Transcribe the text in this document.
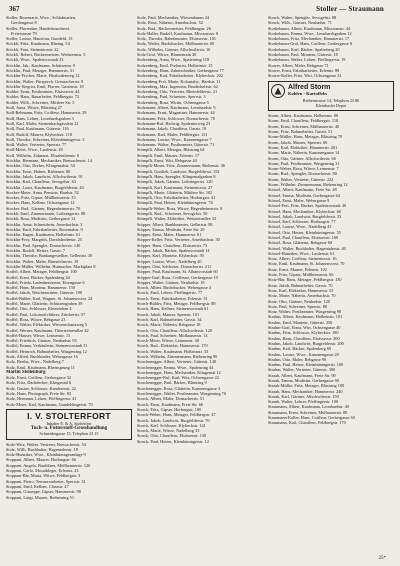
367	Stoller — Straumann

Stoller, Rosemarie, Wwe., Schlafmatten,

Greifengasse 8

Stoller, Florentine, Handelsmacherei,

Freiestrasse 79

Stoller, Louise, Hausfrau, Gundeld. 13

Stöckli, Fritz, Kaufmann, Rheing. 54

Stöckli, Frau, Steinentorstr. 22

Stöckli, Robert, Bäckermeister, Wettsteinstr. 5

Stöckli, Wwe., Spalenvorstadt 33

Stöcklin, Jak., Kaufmann, Schützenm. 9

Stöcklin, Paul, Metzger, Hammerstr. 31

Stöcklin-Fischer, Marie, Hirzbodenweg 12

Stöcklin, Walter, Fürsprech, Grenzacherstr. 9

Stöcklin-Siegrist, Emil, Pfarrer, Gartenstr. 18

Stohler, Ernst, Postbeamter, Elsässerstr. 44

Stohler, Hans, Bauarbeiter, Feldbergstr. 72

Stohler, Wilh., Schreiner, Mittlere Str. 5

Stoll, Anna, Witwe, Bläsiring 27

Stoll-Rebmann, Fritz, Coiffeur, Hammerstr. 29

Stoll, Hans, Lehrer, Leonhardsgraben 3

Stoll, Karl, Maler, Steinenbachgässlein 21

Stoll, Paul, Kaufmann, Güterstr. 116

Stoll, Rudolf, Maurer, Klybeckstr. 118

Stoll, Theodor, Schreiner, Kleinhüningerstr. 3

Stoll, Walter, Vertreter, Sperrstr. 77

Stoll-Meier, Wwe., Laufenstr. 28

Stoll, Wilhelm, Zahnarzt, Elisabethenstr. 6

Stöcklin, Hermann, Mechaniker, Breisacherstr. 14

Stöcklin, Otto, Dreher, Klingentalstr. 54

Stöcklin, Ernst, Hafner, Riehenstr. 80

Stöcklin, Jakob, Landwirt, Allschwilerstr. 91

Stöcklin, Karl, Chauffeur, Sevogelstr. 63

Stöcklin, Louis, Kaufmann, Burgfelderstr. 40

Stocker-Meier, Anna, Pension, Hardstr. 52

Stocker, Fritz, Gipser, Müllheimerstr. 35

Stocker, Hans, Kellner, Ochsengasse 12

Stocker, Rud., Gärtner, Hegenheimerstr. 70

Stöckli, Emil, Zimmermann, Lothringerstr. 88

Stöckli, Rosa, Modistin, Gerbergasse 14

Stöcklin, Anna, Schneiderin, Amerbachstr. 3

Stöcklin, Emil, Fabrikarbeiter, Rosentalstr. 9

Stöcklin, Eugen, Kaufmann, Holbeinstr. 61

Stöcklin-Frey, Margrith, Davidsbodenstr. 25

Stöcklin, Paul, Spengler, Dornacherstr. 140

Stöcklin, Rudolf, Heizer, Gasstr. 7

Stöcklin, Theodor, Bankangestellter, Gellertstr. 30

Stöcklin, Walter, Maler, Bärenfelserstr. 19

Stöcklin-Müller, Wilhelm, Hutmacher, Marktplatz 8

Stoffel, Albert, Metzger, Feldbergstr. 100

Stoffel, Ernst, Bäcker, Spalenberg 44

Stoffel, Frieda, Ladenbesitzerin, Eisengasse 6

Stoffel, Hans, Monteur, Hammerstr. 150

Stoffel, Jakob, Weichenwärter, Güterstr. 190

Stoffel-Bühler, Karl, Wagner, St. Johannsvorst. 24

Stoffel, Marie, Glätterin, Schützengraben 39

Stoffel, Otto, Schlosser, Kleinriehen 4

Stoffel, Paul, Lokomotivführer, Zürcherstr. 57

Stoffel, Rosa, Witwe, Rebgasse 23

Stoffel, Walter, Elektriker, Wiesenschanzweg 5

Stoffel, Werner, Kaufmann, Thiersteinerallee 42

Stoffel-Hauser, Witwe, Leimenstr. 15

Stoffel, Friedrich, Gärtner, Neubadstr. 93

Stoffel, Emma, Verkäuferin, Steinenvorstadt 31

Stoffel, Heinrich, Bahnarbeiter, Wasgenring 12

Stolz, Alfred, Buchbinder, Webergasse 16

Stolz, Bertha, Wwe., Nadelberg 7

Stolz, Emil, Kaufmann, Rheinsprung 11

Martin Stellenburg

Stolz, Ernst, Coiffeur, Gerbergasse 52

Stolz, Fritz, Dachdecker, Klingental 6

Stolz, Gustav, Schlosser, Kandererstr. 22

Stolz, Hans, Photograph, Freie Str. 83

Stolz, Hermann, Lehrer, Pfeffingerstr. 41

Stolz-Meier, Karl, Kaufmann, Gundeldingerstr. 70

I. V. STOLTERFORT
Inhaber E. & A. Stolterfort
Tuch- u. Futterstoff-Grosshandlung
Schneidergasse 15, Telephon 23 15

Stolz-Wirz, Walter, Vertreter, Breisacherstr. 54

Stolz, Willi, Buchhalter, Hagentalerstr. 18

Stolz-Hunziker, Wwe., Kleinhüningeranlage 9

Stoppani, Albert, Maurer, Horburgstr. 66

Stoppani, Angelo, Bauführer, Müllheimerstr. 120

Stoppani, Carlo, Mosaikleger, Erlenstr. 23

Stoppani-Bär, Maria, Witwe, Feldbergstr. 3

Stoppani, Pietro, Terrazzoarbeiter, Sperrstr. 31

Stoppani, Emil, Kellner, Clarastr. 47

Stoppani, Giuseppe, Gipser, Hammerstr. 98

Stoppani, Luigi, Maurer, Riehenring 51

Stolz, Paul, Mechaniker, Wiesendamm 24

Stolz, Rosa, Näherin, Amerbachstr. 52

Stolz, Rud., Bäckermeister, Feldbergstr. 26

Stolz-Haller, Rudolf, Kaufmann, Missionsstr. 8

Stolz, Theodor, Bahnbeamter, Elsässerstr. 101

Stolz, Walter, Buchdrucker, Mülhauserstr. 60

Stolz, Wilhelm, Gärtner, Allschwilerstr. 10

Stolz-Graf, Witwe, Blumenrain 30

Stolzenberg, Anna, Wwe., Spalenring 118

Stolzenberg, Emil, Prokurist, Holbeinstr. 15

Stolzenberg, Hans, Zahntechniker, Gerbergasse 77

Stolzenberg, Karl, Fabrikarbeiter, Klybeckstr. 202

Stolzenberg-Frei, Marie, Kolonialw., Hardstr. 11

Stolzenberg, Max, Ingenieur, Bruderholzstr. 62

Stolzenberg, Otto, Vertreter, Rheinfelderstr. 21

Stolzenberg, Paul, Schreiner, Sperrstr. 3

Stolzenberg, Rosa, Wirtin, Ochsengasse 5

Stolzmann, Albert, Kaufmann, Leonhardstr. 9

Stolzmann, Ernst, Magaziner, Hammerstr. 44

Stolzmann, Fritz, Schlosser, Dornacherstr. 70

Stolzmann-Ruf, Hedwig, Spalentorweg 23

Stolzmann, Jakob, Chauffeur, Gasstr. 19

Stolzmann, Karl, Maler, Feldbergstr. 131

Stolzmann, Louise, Wwe., Kanonengasse 7

Stolzmann, Walter, Postbeamter, Güterstr. 71

Stömpfli, Albert, Metzger, Bläsiring 64

Stömpfli, Emil, Maurer, Erlenstr. 17

Stömpfli, Ernst, Wirt, Rebgasse 44

Stömpfli-Moser, Fritz, Zimmermann, Riehenstr. 36

Stömpfli, Gottlieb, Landwirt, Burgfelderstr. 152

Stömpfli, Hans, Spengler, Klingentalgraben 8

Stömpfli, Jakob, Gärtner, Lothringerstr. 120

Stömpfli, Karl, Kaufmann, Steinentorstr. 27

Stömpfli, Marie, Glätterin, Mittlere Str. 102

Stömpfli, Otto, Fabrikarbeiter, Horburgstr. 41

Stömpfli, Paul, Heizer, Kleinhüningerstr. 76

Stömpfli-Weber, Rosa, Witwe, Hegenheimerstr. 9

Stömpfli, Rud., Schreiner, Sevogelstr. 50

Stömpfli, Walter, Elektriker, Wettsteinallee 33

Stöpper, Albert, Bankbeamter, Gellertstr. 88

Stöpper, Emma, Modistin, Freie Str. 29

Stöpper, Ernst, Maler, Hammerstr. 61

Stöpper-Keller, Fritz, Vertreter, Amerbachstr. 30

Stöpper, Hans, Chauffeur, Elsässerstr. 73

Stöpper, Jakob, Bäcker, Spalenvorstadt 14

Stöpper, Karl, Monteur, Klybeckstr. 95

Stöpper, Louise, Wwe., Nadelberg 20

Stöpper, Otto, Schlosser, Dornacherstr. 211

Stöpper, Paul, Kaufmann, St. Albanvorstadt 60

Stöpper-Graf, Rosa, Coiffeuse, Gerbergasse 19

Stöpper, Walter, Gärtner, Neubadstr. 18

Storch, Albert, Buchdrucker, Webergasse 4

Storch, Emil, Lehrer, Pfeffingerstr. 77

Storch, Ernst, Fabrikarbeiter, Erlenstr. 51

Storch-Bühler, Fritz, Metzger, Feldbergstr. 88

Storch, Hans, Kellner, Steinenvorstadt 61

Storch, Jakob, Maurer, Sperrstr. 101

Storch, Karl, Bahnarbeiter, Gasstr. 34

Storch, Marie, Näherin, Rebgasse 18

Storch, Otto, Chauffeur, Allschwilerstr. 120

Storch, Paul, Schreiner, Mülhauserstr. 14

Storch-Meier, Witwe, Leimenstr. 40

Storch, Rud., Elektriker, Hammerstr. 170

Storch, Walter, Kaufmann, Holbeinstr. 33

Storch, Wilhelm, Zimmermann, Riehenring 90

Storchenegger, Albert, Vertreter, Güterstr. 140

Storchenegger, Emma, Wwe., Spalenring 44

Storchenegger, Hans, Mechaniker, Klingental 12

Storchenegger-Ruf, Karl, Wirt, Ochsengasse 22

Storchenegger, Paul, Bäcker, Bläsiring 9

Storchenegger, Rosa, Glätterin, Kanonengasse 3

Storchenegger, Walter, Postbeamter, Wasgenring 70

Storck, Albert, Maler, Dornacherstr. 51

Storck, Ernst, Kaufmann, Freie Str. 66

Storck, Fritz, Gipser, Horburgstr. 100

Storck-Weber, Hans, Metzger, Feldbergstr. 47

Storck, Jakob, Landwirt, Burgfelderstr. 70

Storck, Karl, Schlosser, Klybeckstr. 141

Storck, Marie, Witwe, Nadelberg 33

Storck, Otto, Chauffeur, Elsässerstr. 130

Storck, Paul, Heizer, Kleinhüningerstr. 12

Storck, Walter, Spengler, Sevogelstr. 88

Storck, Wilh., Gärtner, Neubadstr. 71

Storkebaum, Albert, Kaufmann, Missionsstr. 44

Storkebaum, Emma, Wwe., Leonhardsgraben 12

Storkebaum, Fritz, Mechaniker, Hammerstr. 17

Storkebaum-Graf, Hans, Coiffeur, Gerbergasse 8

Storkebaum, Karl, Bäcker, Spalenberg 20

Storkebaum, Paul, Monteur, Güterstr. 18

Storkebaum, Walter, Lehrer, Pfeffingerstr. 19

Storrer, Albert, Maler, Rebgasse 71

Storrer, Ernst, Fabrikarbeiter, Erlenstr. 88

Storrer-Keller, Fritz, Wirt, Ochsengasse 31

Alfred Storm
Kohlen - Kartoffeln
Riehenstrasse 14, Telephon 23.80
Kleinbasler Depot

Storm, Albert, Kaufmann, Holbeinstr. 88

Storm, Emil, Chauffeur, Feldbergstr. 110

Storm, Ernst, Schreiner, Mülhauserstr. 40

Storm, Fritz, Bahnarbeiter, Gasstr. 51

Storm-Müller, Hans, Metzger, Bläsiring 70

Storm, Jakob, Maurer, Sperrstr. 60

Storm, Karl, Elektriker, Hammerstr. 201

Storm, Marie, Näherin, Kanonengasse 14

Storm, Otto, Gärtner, Allschwilerstr. 66

Storm, Paul, Postbeamter, Wasgenring 31

Storm-Weber, Rosa, Witwe, Leimenstr. 7

Storm, Rud., Spengler, Dornacherstr. 90

Storm, Walter, Vertreter, Güterstr. 222

Storm, Wilhelm, Zimmermann, Riehenring 12

Stössel, Albert, Kaufmann, Freie Str. 48

Stössel, Emma, Modistin, Gerbergasse 64

Stössel, Ernst, Maler, Webergasse 9

Stössel-Frei, Fritz, Bäcker, Spalenvorstadt 40

Stössel, Hans, Mechaniker, Klybeckstr. 60

Stössel, Jakob, Landwirt, Burgfelderstr. 33

Stössel, Karl, Schlosser, Horburgstr. 77

Stössel, Louise, Wwe., Nadelberg 41

Stössel, Otto, Heizer, Kleinhüningerstr. 55

Stössel, Paul, Chauffeur, Elsässerstr. 160

Stössel, Rosa, Glätterin, Rebgasse 60

Stössel, Walter, Buchhalter, Hagentalerstr. 40

Stössel-Hunziker, Wwe., Laufenstr. 61

Stotz, Albert, Coiffeur, Steinentorstr. 16

Stotz, Emil, Kaufmann, St. Johannsvorst. 70

Stotz, Ernst, Maurer, Erlenstr. 102

Stotz, Fritz, Gipser, Müllheimerstr. 66

Stotz-Bär, Hans, Metzger, Feldbergstr. 150

Stotz, Jakob, Bahnarbeiter, Gasstr. 70

Stotz, Karl, Elektriker, Hammerstr. 55

Stotz, Marie, Näherin, Amerbachstr. 70

Stotz, Otto, Gärtner, Neubadstr. 120

Stotz, Paul, Schreiner, Sperrstr. 88

Stotz, Walter, Postbeamter, Wasgenring 90

Strahm, Albert, Kaufmann, Holbeinstr. 101

Strahm, Emil, Monteur, Güterstr. 250

Strahm-Graf, Ernst, Wirt, Ochsengasse 40

Strahm, Fritz, Schlosser, Klybeckstr. 180

Strahm, Hans, Chauffeur, Elsässerstr. 200

Strahm, Jakob, Landwirt, Burgfelderstr. 200

Strahm, Karl, Bäcker, Spalenberg 60

Strahm, Louise, Wwe., Kanonengasse 20

Strahm, Otto, Maler, Rebgasse 90

Strahm, Paul, Heizer, Kleinhüningerstr. 100

Strahm, Walter, Vertreter, Güterstr. 300

Straub, Albert, Kaufmann, Freie Str. 90

Straub, Emma, Modistin, Gerbergasse 90

Straub-Müller, Fritz, Metzger, Bläsiring 100

Straub, Hans, Mechaniker, Hammerstr. 240

Straub, Karl, Gärtner, Allschwilerstr. 150

Straub, Walter, Lehrer, Pfeffingerstr. 100

Straumann, Albert, Kaufmann, Leonhardstr. 40

Straumann, Ernst, Schreiner, Mülhauserstr. 80

Straumann-Keller, Hans, Coiffeur, Gerbergasse 30

Straumann, Karl, Chauffeur, Feldbergstr. 170

25*
